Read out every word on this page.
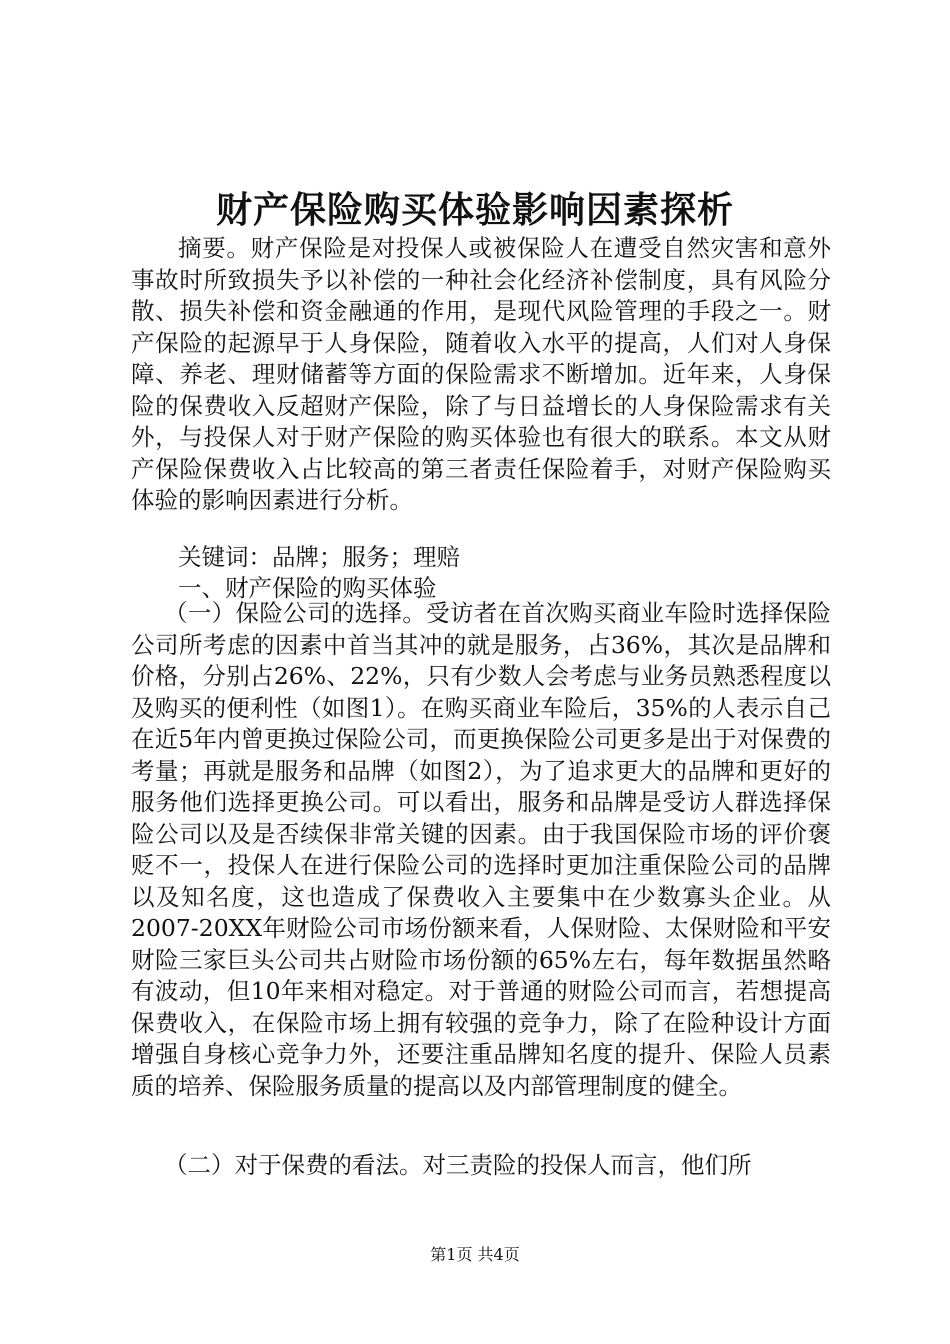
财产保险购买体验影响因素探析

摘要。财产保险是对投保人或被保险人在遭受自然灾害和意外事故时所致损失予以补偿的一种社会化经济补偿制度，具有风险分散、损失补偿和资金融通的作用，是现代风险管理的手段之一。财产保险的起源早于人身保险，随着收入水平的提高，人们对人身保障、养老、理财储蓄等方面的保险需求不断增加。近年来，人身保险的保费收入反超财产保险，除了与日益增长的人身保险需求有关外，与投保人对于财产保险的购买体验也有很大的联系。本文从财产保险保费收入占比较高的第三者责任保险着手，对财产保险购买体验的影响因素进行分析。

关键词：品牌；服务；理赔

一、财产保险的购买体验

（一）保险公司的选择。受访者在首次购买商业车险时选择保险公司所考虑的因素中首当其冲的就是服务，占36%，其次是品牌和价格，分别占26%、22%，只有少数人会考虑与业务员熟悉程度以及购买的便利性（如图1）。在购买商业车险后，35%的人表示自己在近5年内曾更换过保险公司，而更换保险公司更多是出于对保费的考量；再就是服务和品牌（如图2），为了追求更大的品牌和更好的服务他们选择更换公司。可以看出，服务和品牌是受访人群选择保险公司以及是否续保非常关键的因素。由于我国保险市场的评价褒贬不一，投保人在进行保险公司的选择时更加注重保险公司的品牌以及知名度，这也造成了保费收入主要集中在少数寡头企业。从2007-20XX年财险公司市场份额来看，人保财险、太保财险和平安财险三家巨头公司共占财险市场份额的65%左右，每年数据虽然略有波动，但10年来相对稳定。对于普通的财险公司而言，若想提高保费收入，在保险市场上拥有较强的竞争力，除了在险种设计方面增强自身核心竞争力外，还要注重品牌知名度的提升、保险人员素质的培养、保险服务质量的提高以及内部管理制度的健全。

（二）对于保费的看法。对三责险的投保人而言，他们所

第1页 共4页
